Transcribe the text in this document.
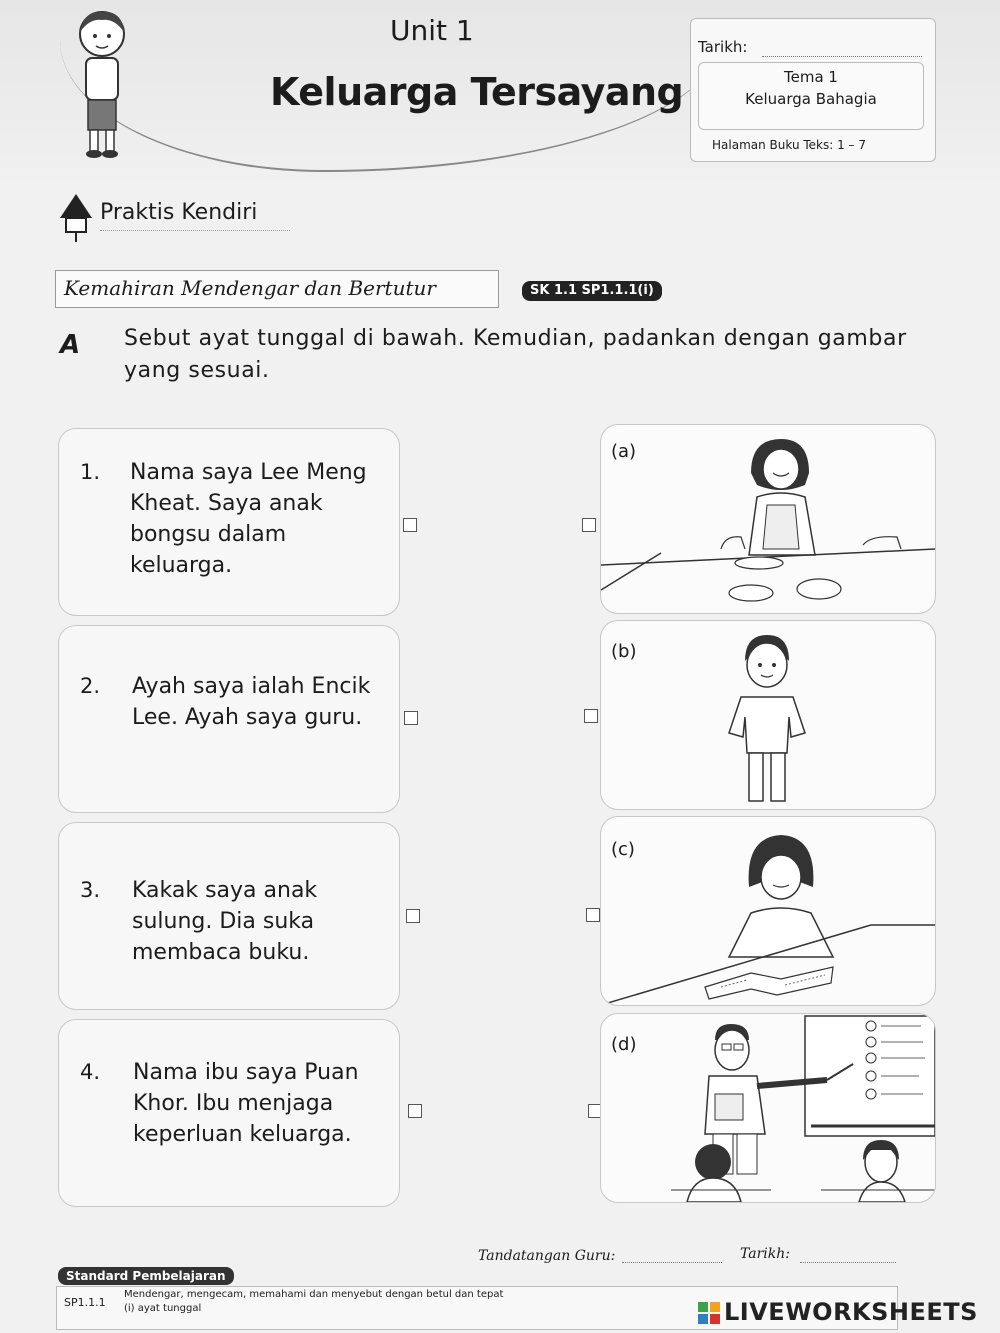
Unit 1
Keluarga Tersayang
Tarikh:
Tema 1
Keluarga Bahagia
Halaman Buku Teks: 1 – 7
Praktis Kendiri
Kemahiran Mendengar dan Bertutur	SK 1.1 SP1.1.1(i)
A Sebut ayat tunggal di bawah. Kemudian, padankan dengan gambar yang sesuai.
1. Nama saya Lee Meng Kheat. Saya anak bongsu dalam keluarga.
2. Ayah saya ialah Encik Lee. Ayah saya guru.
3. Kakak saya anak sulung. Dia suka membaca buku.
4. Nama ibu saya Puan Khor. Ibu menjaga keperluan keluarga.
(a)
(b)
(c)
(d)
Tandatangan Guru:	Tarikh:
Standard Pembelajaran
SP1.1.1
Mendengar, mengecam, memahami dan menyebut dengan betul dan tepat
(i) ayat tunggal	LIVEWORKSHEETS
